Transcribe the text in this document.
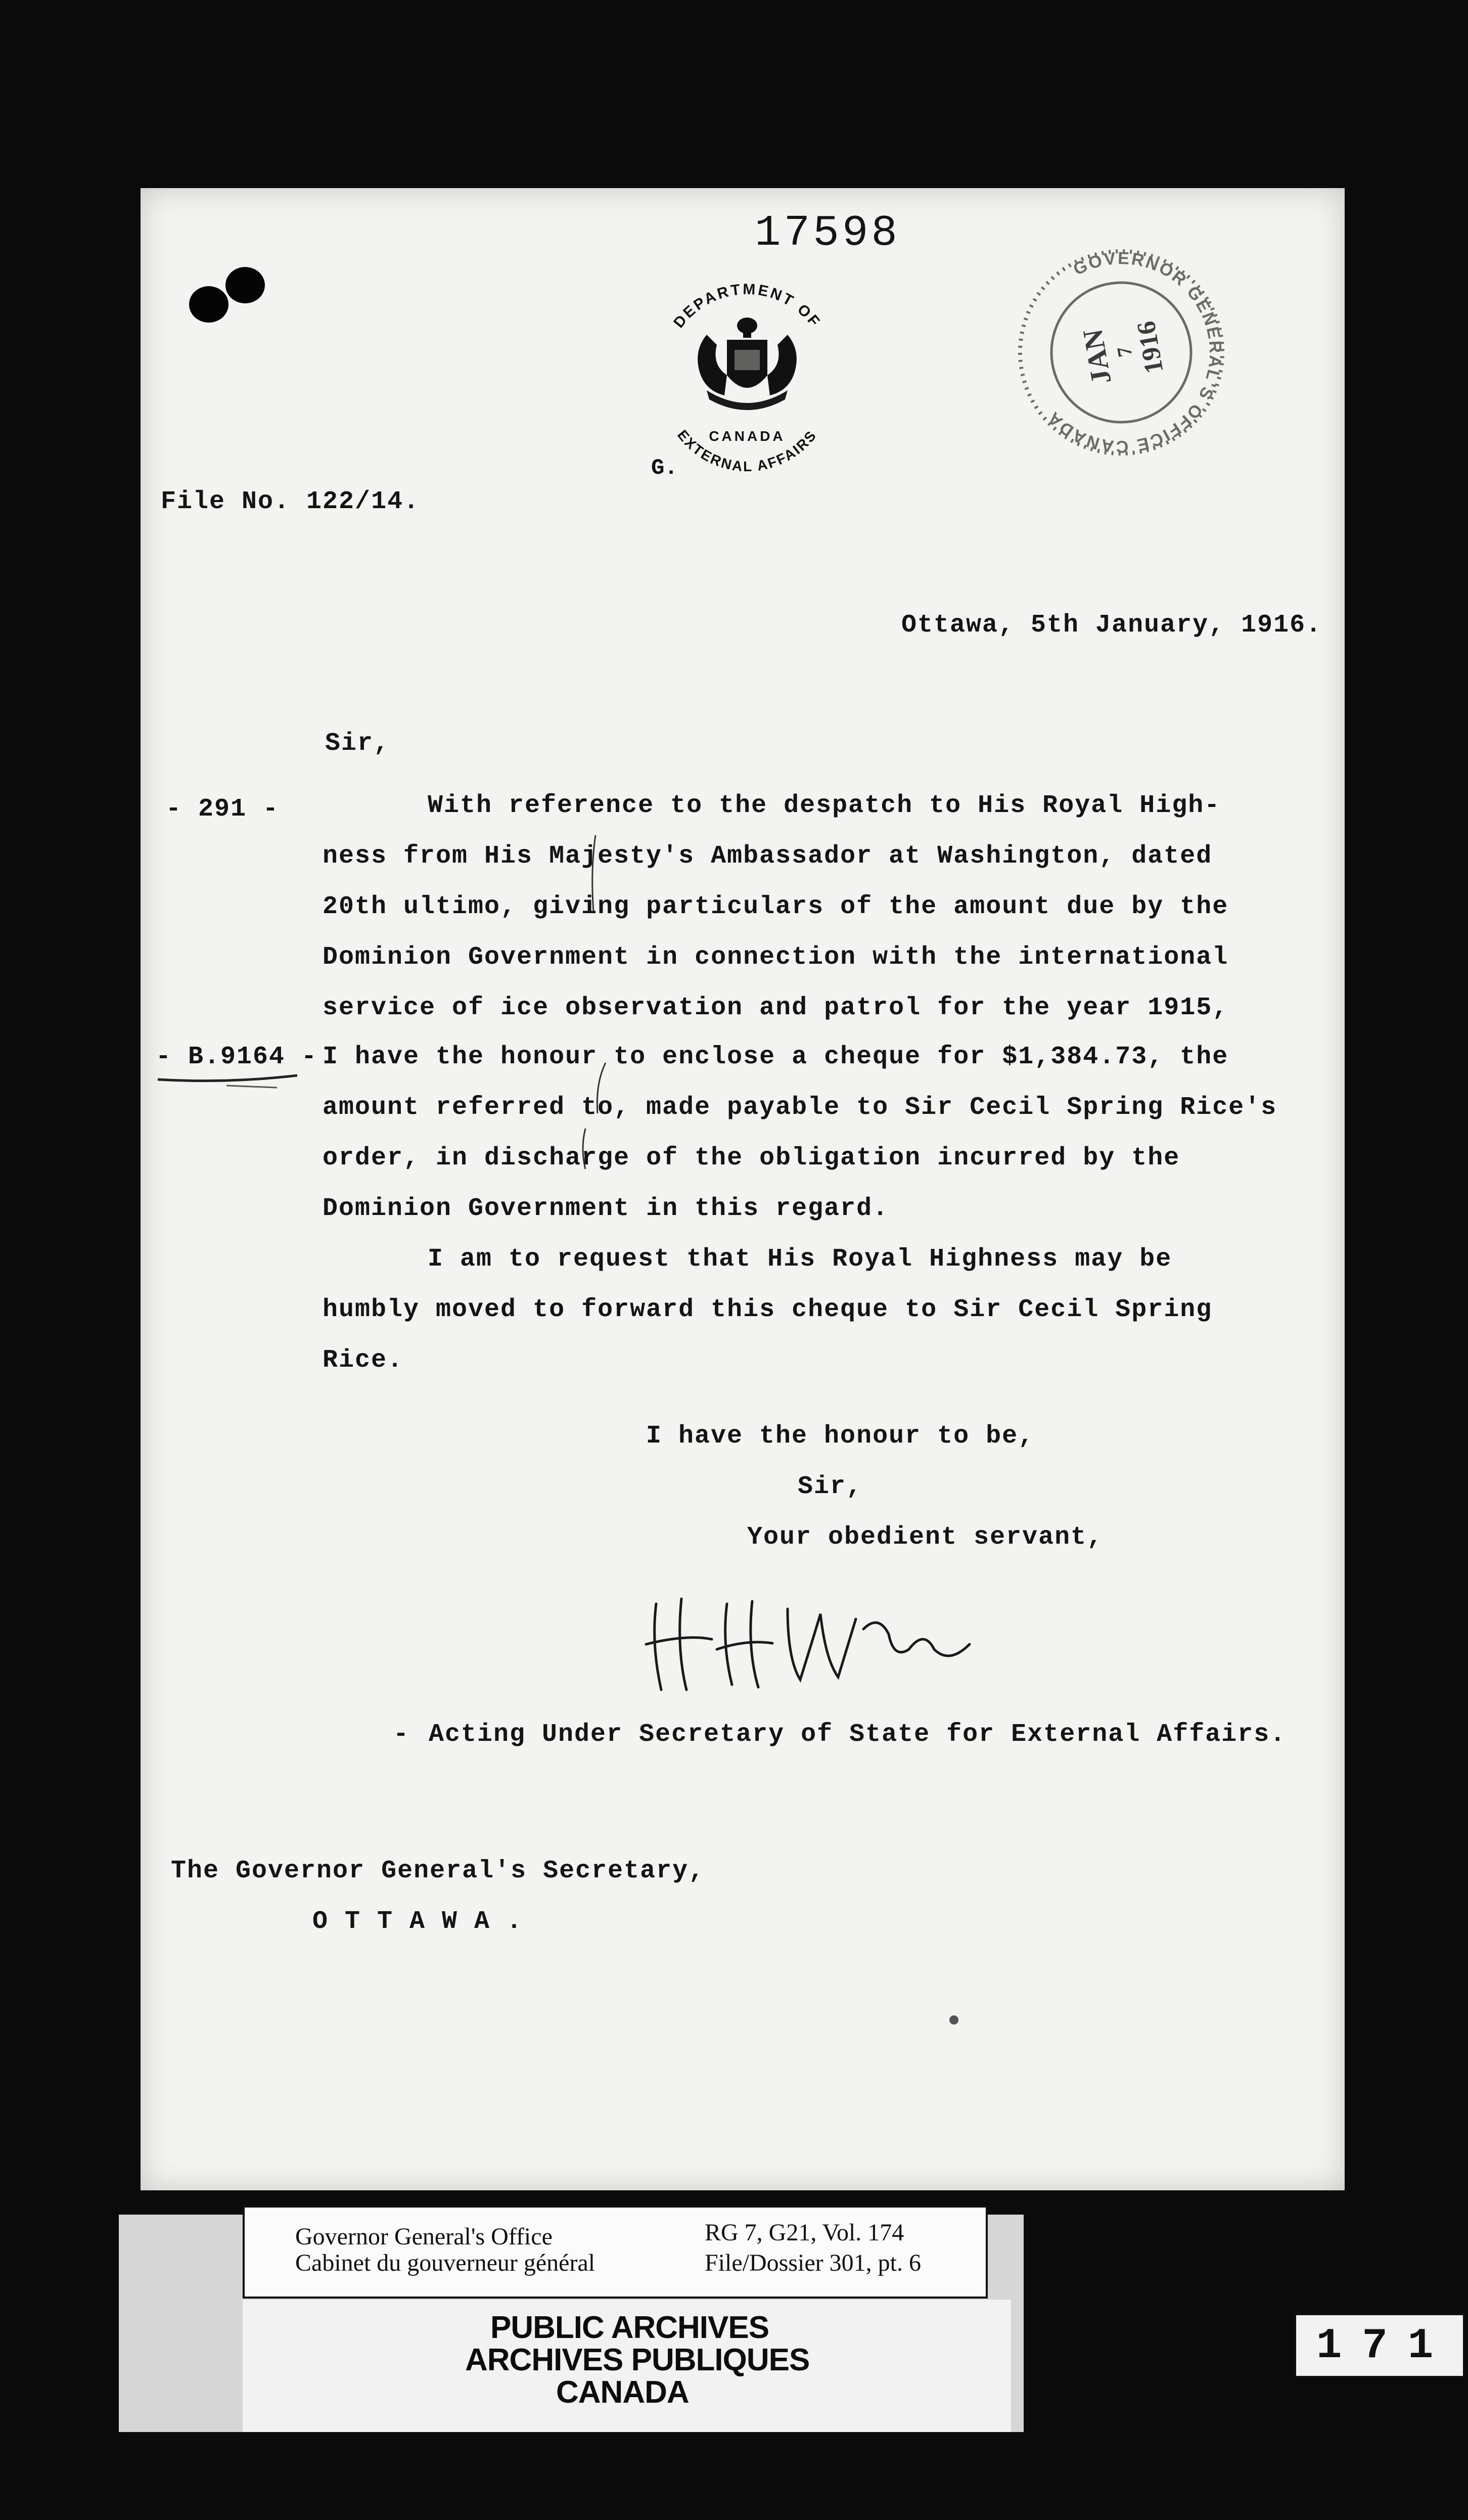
17598
DEPARTMENT OF
EXTERNAL AFFAIRS
CANADA
G.
GOVERNOR GENERAL'S OFFICE CANADA
JAN
7
1916
File No. 122/14.
Ottawa, 5th January, 1916.
Sir,
- 291 -
- B.9164 -
With reference to the despatch to His Royal High-
ness from His Majesty's Ambassador at Washington, dated
20th ultimo, giving particulars of the amount due by the
Dominion Government in connection with the international
service of ice observation and patrol for the year 1915,
I have the honour to enclose a cheque for $1,384.73, the
amount referred to, made payable to Sir Cecil Spring Rice's
order, in discharge of the obligation incurred by the
Dominion Government in this regard.
I am to request that His Royal Highness may be
humbly moved to forward this cheque to Sir Cecil Spring
Rice.
I have the honour to be,
Sir,
Your obedient servant,
Acting Under Secretary of State for External Affairs.
-
The Governor General's Secretary,
O T T A W A .
Governor General's Office
Cabinet du gouverneur général
RG 7, G21, Vol. 174
File/Dossier 301, pt. 6
PUBLIC ARCHIVES
ARCHIVES PUBLIQUES
CANADA
171
